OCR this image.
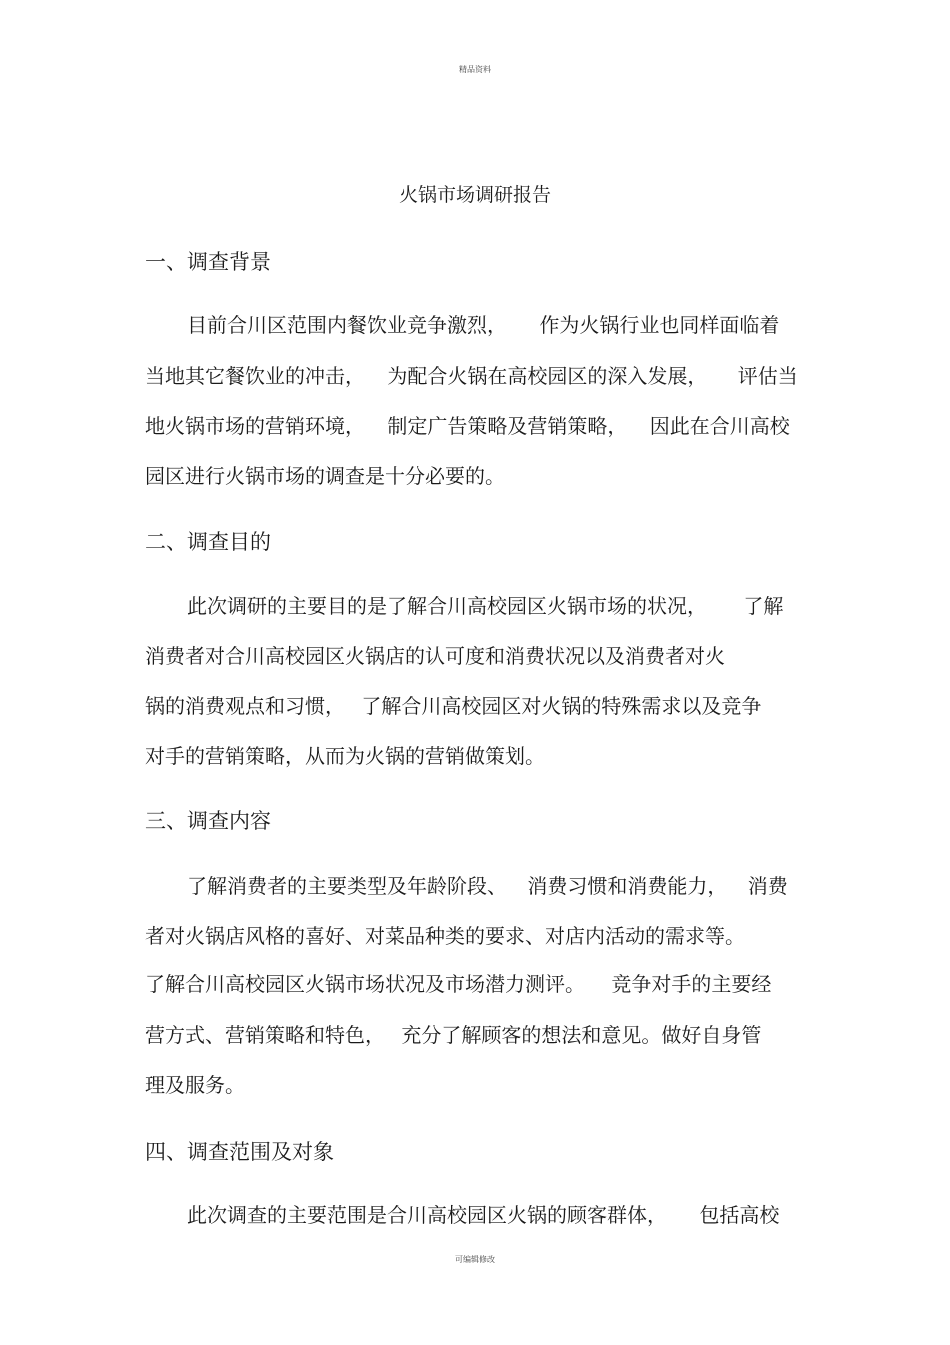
精品资料
火锅市场调研报告
一、调查背景

目前合川区范围内餐饮业竞争激烈， 作为火锅行业也同样面临着

当地其它餐饮业的冲击， 为配合火锅在高校园区的深入发展， 评估当

地火锅市场的营销环境， 制定广告策略及营销策略， 因此在合川高校

园区进行火锅市场的调查是十分必要的。

二、调查目的

此次调研的主要目的是了解合川高校园区火锅市场的状况， 了解

消费者对合川高校园区火锅店的认可度和消费状况以及消费者对火

锅的消费观点和习惯， 了解合川高校园区对火锅的特殊需求以及竞争

对手的营销策略，从而为火锅的营销做策划。

三、调查内容

了解消费者的主要类型及年龄阶段、 消费习惯和消费能力， 消费

者对火锅店风格的喜好、对菜品种类的要求、对店内活动的需求等。

了解合川高校园区火锅市场状况及市场潜力测评。 竞争对手的主要经

营方式、营销策略和特色， 充分了解顾客的想法和意见。做好自身管

理及服务。

四、调查范围及对象

此次调查的主要范围是合川高校园区火锅的顾客群体， 包括高校

可编辑修改
